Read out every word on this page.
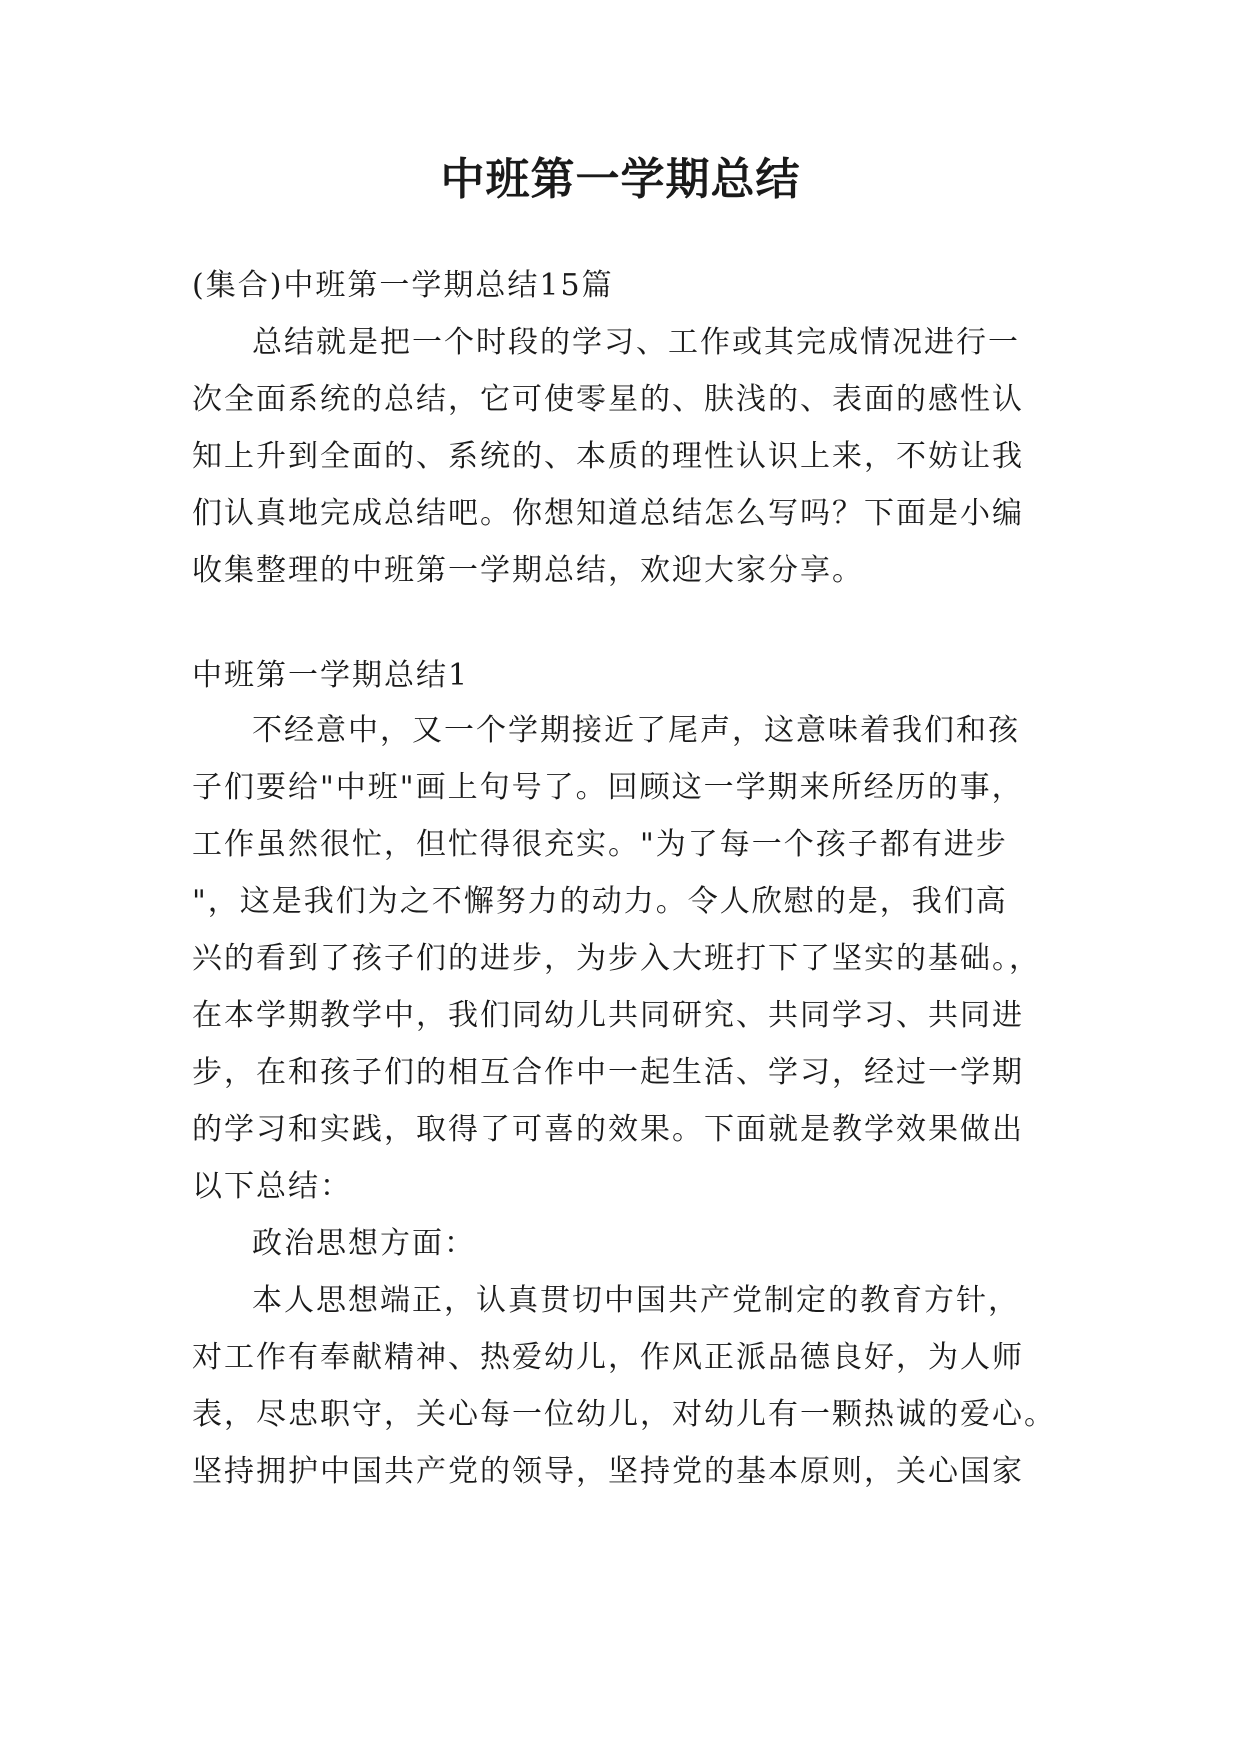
中班第一学期总结
(集合)中班第一学期总结15篇
总结就是把一个时段的学习、工作或其完成情况进行一
次全面系统的总结，它可使零星的、肤浅的、表面的感性认
知上升到全面的、系统的、本质的理性认识上来，不妨让我
们认真地完成总结吧。你想知道总结怎么写吗？下面是小编
收集整理的中班第一学期总结，欢迎大家分享。
中班第一学期总结1
不经意中，又一个学期接近了尾声，这意味着我们和孩
子们要给"中班"画上句号了。回顾这一学期来所经历的事，
工作虽然很忙，但忙得很充实。"为了每一个孩子都有进步
"，这是我们为之不懈努力的动力。令人欣慰的是，我们高
兴的看到了孩子们的进步，为步入大班打下了坚实的基础。，
在本学期教学中，我们同幼儿共同研究、共同学习、共同进
步，在和孩子们的相互合作中一起生活、学习，经过一学期
的学习和实践，取得了可喜的效果。下面就是教学效果做出
以下总结：
政治思想方面：
本人思想端正，认真贯切中国共产党制定的教育方针，
对工作有奉献精神、热爱幼儿，作风正派品德良好，为人师
表，尽忠职守，关心每一位幼儿，对幼儿有一颗热诚的爱心。
坚持拥护中国共产党的领导，坚持党的基本原则，关心国家
